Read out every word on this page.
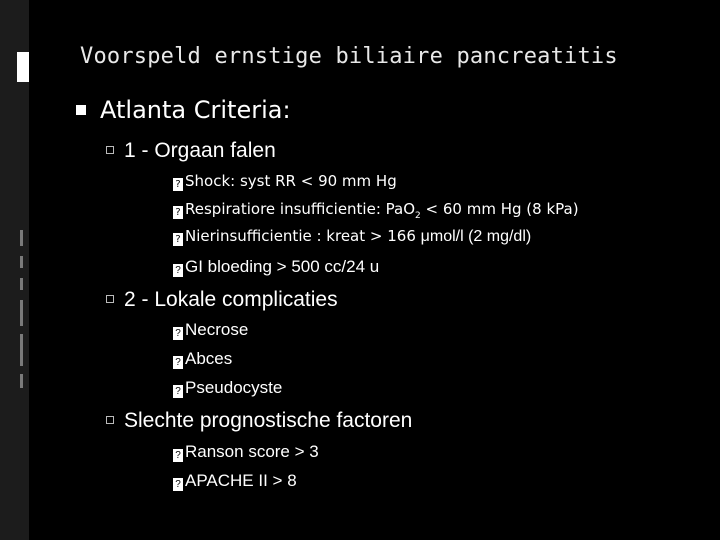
Voorspeld ernstige biliaire pancreatitis
Atlanta Criteria:
1 - Orgaan falen
? Shock: syst RR < 90 mm Hg
? Respiratiore insufficientie: PaO$_2$ < 60 mm Hg (8 kPa)
? Nierinsufficientie : kreat > 166 μmol/l (2 mg/dl)
? GI bloeding > 500 cc/24 u
2 - Lokale complicaties
? Necrose
? Abces
? Pseudocyste
Slechte prognostische factoren
? Ranson score > 3
? APACHE II > 8
